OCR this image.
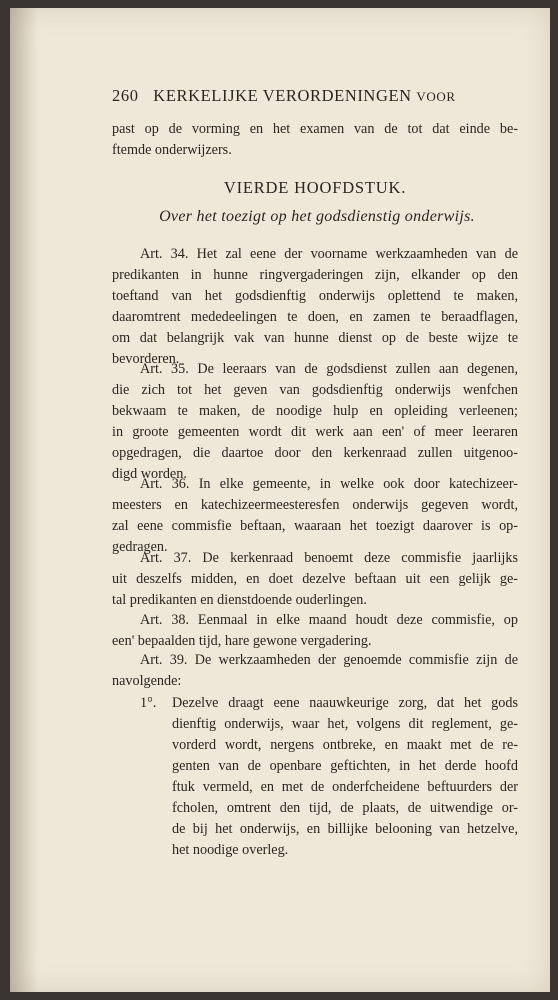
260 KERKELIJKE VERORDENINGEN VOOR
past op de vorming en het examen van de tot dat einde be-
ftemde onderwijzers.
VIERDE HOOFDSTUK.
Over het toezigt op het godsdienstig onderwijs.
Art. 34. Het zal eene der voorname werkzaamheden van de
predikanten in hunne ringvergaderingen zijn, elkander op den
toeftand van het godsdienftig onderwijs oplettend te maken,
daaromtrent mededeelingen te doen, en zamen te beraadflagen,
om dat belangrijk vak van hunne dienst op de beste wijze te
bevorderen.
Art. 35. De leeraars van de godsdienst zullen aan degenen,
die zich tot het geven van godsdienftig onderwijs wenfchen
bekwaam te maken, de noodige hulp en opleiding verleenen;
in groote gemeenten wordt dit werk aan een' of meer leeraren
opgedragen, die daartoe door den kerkenraad zullen uitgenoo-
digd worden.
Art. 36. In elke gemeente, in welke ook door katechizeer-
meesters en katechizeermeesteresfen onderwijs gegeven wordt,
zal eene commisfie beftaan, waaraan het toezigt daarover is op-
gedragen.
Art. 37. De kerkenraad benoemt deze commisfie jaarlijks
uit deszelfs midden, en doet dezelve beftaan uit een gelijk ge-
tal predikanten en dienstdoende ouderlingen.
Art. 38. Eenmaal in elke maand houdt deze commisfie, op
een' bepaalden tijd, hare gewone vergadering.
Art. 39. De werkzaamheden der genoemde commisfie zijn de
navolgende:
1°. Dezelve draagt eene naauwkeurige zorg, dat het gods
dienftig onderwijs, waar het, volgens dit reglement, ge-
vorderd wordt, nergens ontbreke, en maakt met de re-
genten van de openbare geftichten, in het derde hoofd
ftuk vermeld, en met de onderfcheidene beftuurders der
fcholen, omtrent den tijd, de plaats, de uitwendige or-
de bij het onderwijs, en billijke belooning van hetzelve,
het noodige overleg.
